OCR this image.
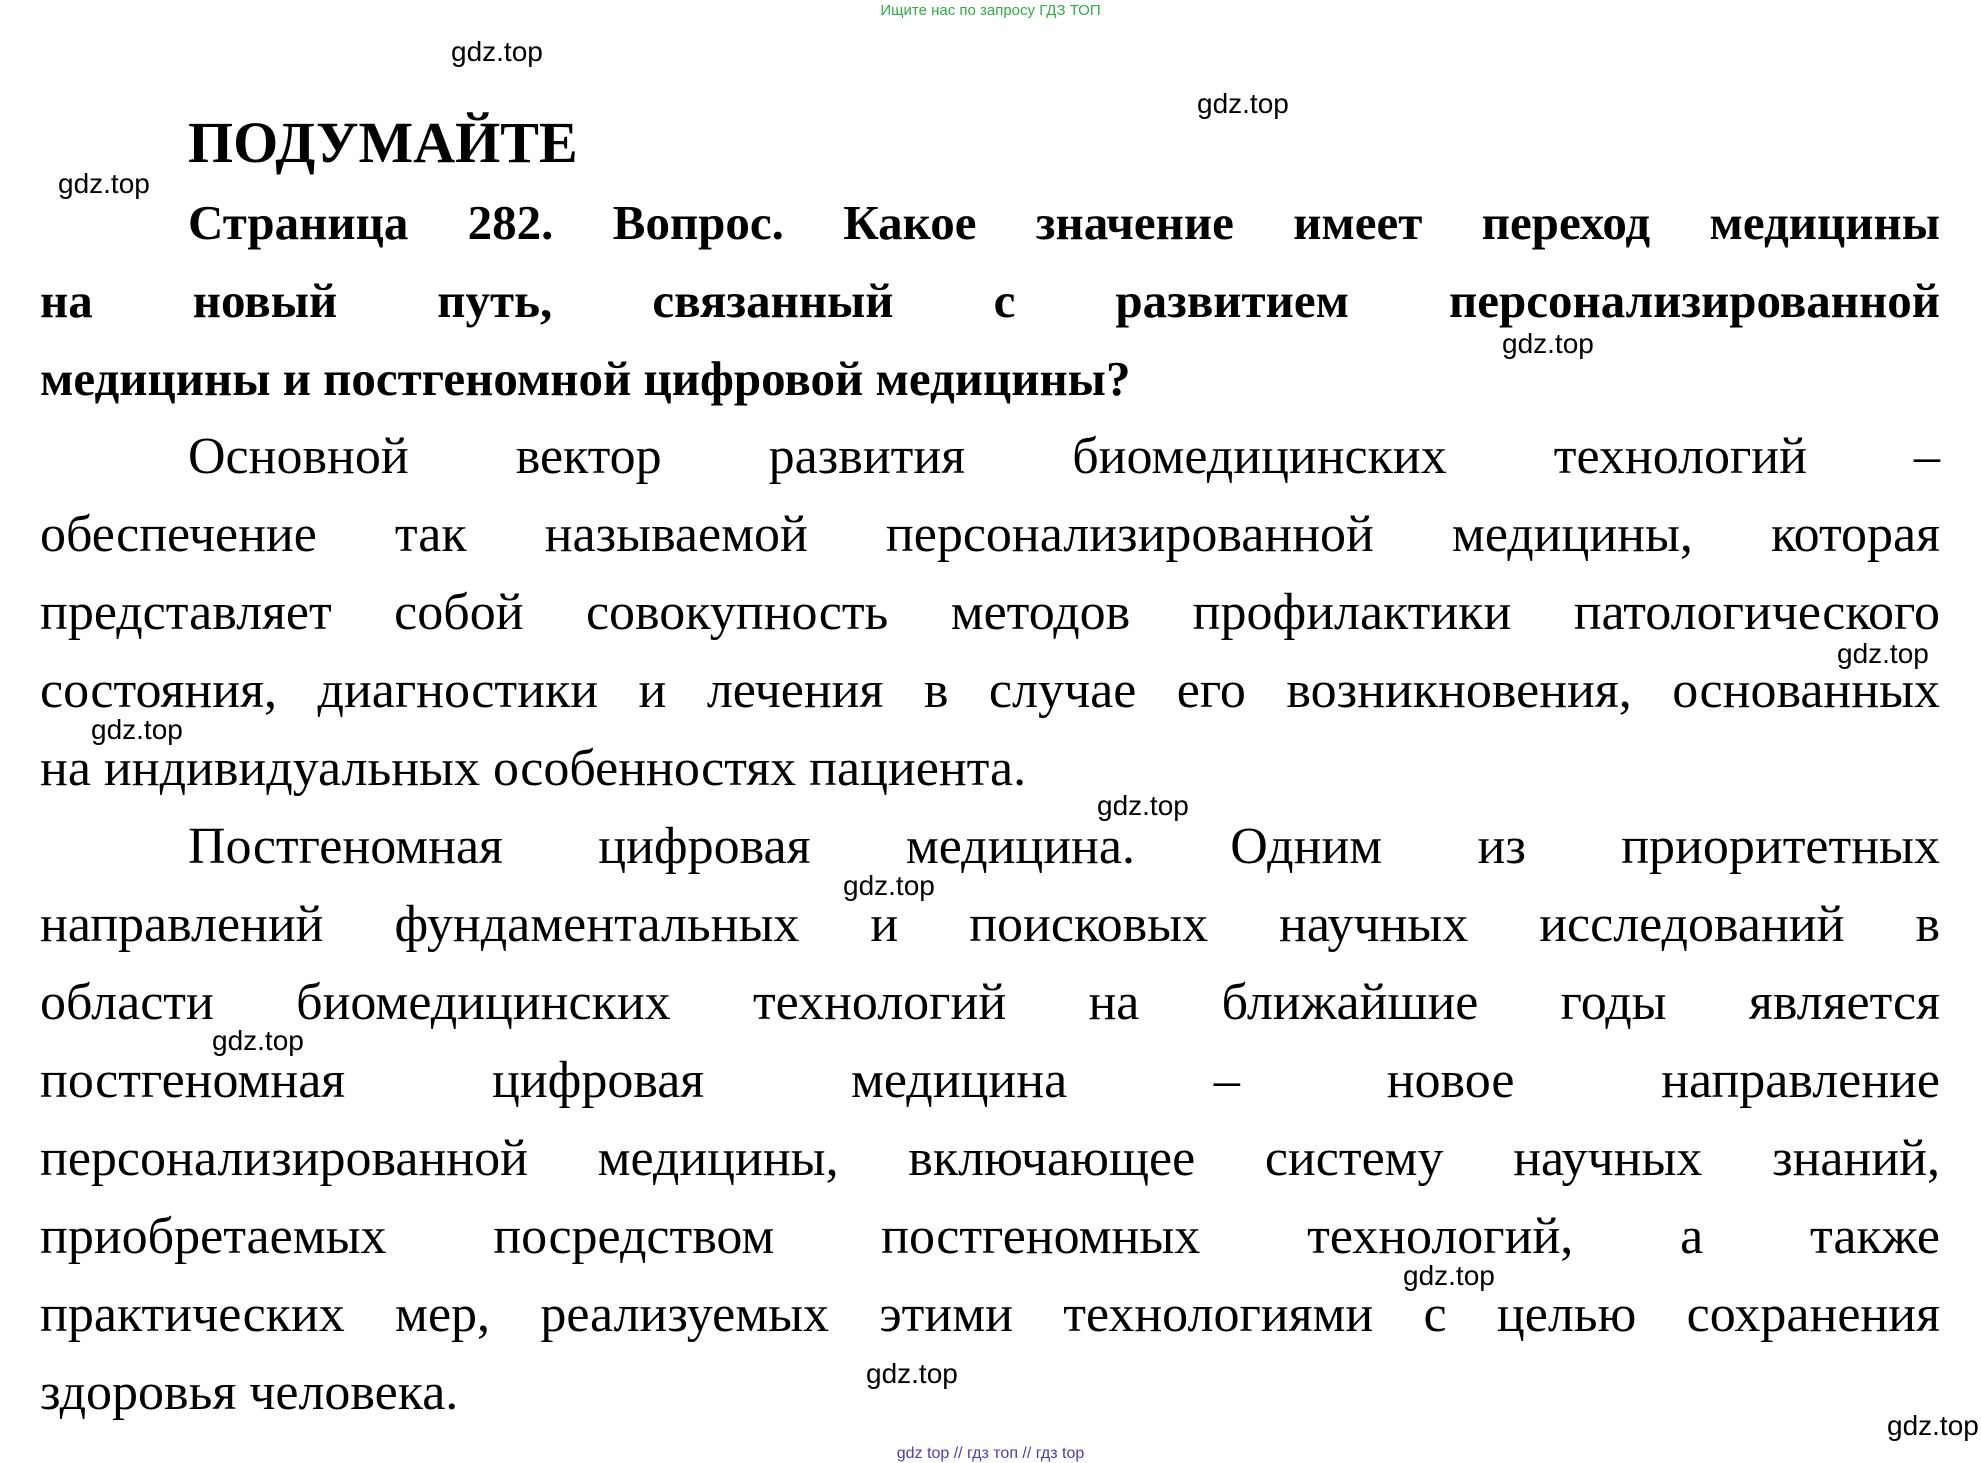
Ищите нас по запросу ГДЗ ТОП
gdz.top
gdz.top
gdz.top
ПОДУМАЙТЕ
Страница 282. Вопрос. Какое значение имеет переход медицины
на новый путь, связанный с развитием персонализированной
медицины и постгеномной цифровой медицины?
gdz.top
Основной вектор развития биомедицинских технологий –
обеспечение так называемой персонализированной медицины, которая
представляет собой совокупность методов профилактики патологического
состояния, диагностики и лечения в случае его возникновения, основанных
на индивидуальных особенностях пациента.
gdz.top
gdz.top
gdz.top
Постгеномная цифровая медицина. Одним из приоритетных
gdz.top
направлений фундаментальных и поисковых научных исследований в
области биомедицинских технологий на ближайшие годы является
gdz.top
постгеномная цифровая медицина – новое направление
персонализированной медицины, включающее систему научных знаний,
приобретаемых посредством постгеномных технологий, а также
gdz.top
практических мер, реализуемых этими технологиями с целью сохранения
здоровья человека.	gdz.top
gdz.top
gdz top // гдз топ // гдз top
